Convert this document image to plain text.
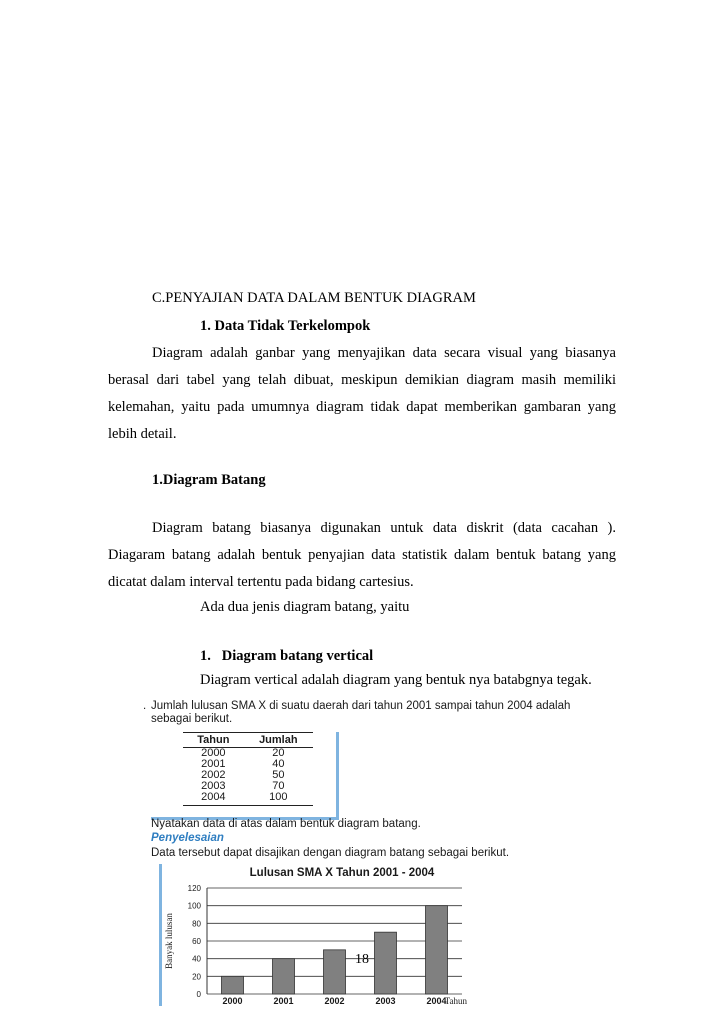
C.PENYAJIAN DATA DALAM BENTUK DIAGRAM
1. Data Tidak Terkelompok
Diagram adalah ganbar yang menyajikan data secara visual yang biasanya
berasal dari tabel yang telah dibuat, meskipun demikian diagram masih memiliki
kelemahan, yaitu pada umumnya diagram tidak dapat memberikan gambaran yang
lebih detail.
1.Diagram Batang
Diagram batang biasanya digunakan untuk data diskrit (data cacahan ).
Diagaram batang adalah bentuk penyajian data statistik dalam bentuk batang yang
dicatat dalam interval tertentu pada bidang cartesius.
Ada dua jenis diagram batang, yaitu
1.   Diagram batang vertical
Diagram vertical adalah diagram yang bentuk nya batabgnya tegak.
. Jumlah lulusan SMA X di suatu daerah dari tahun 2001 sampai tahun 2004 adalah
sebagai berikut.
Tahun	Jumlah
2000	20
2001	40
2002	50
2003	70
2004	100
Nyatakan data di atas dalam bentuk diagram batang.
Penyelesaian
Data tersebut dapat disajikan dengan diagram batang sebagai berikut.
Lulusan SMA X Tahun 2001 - 2004
Banyak lulusan
0
20
40
60
80
100
120
2000	2001	2002	2003	2004
Tahun
18
